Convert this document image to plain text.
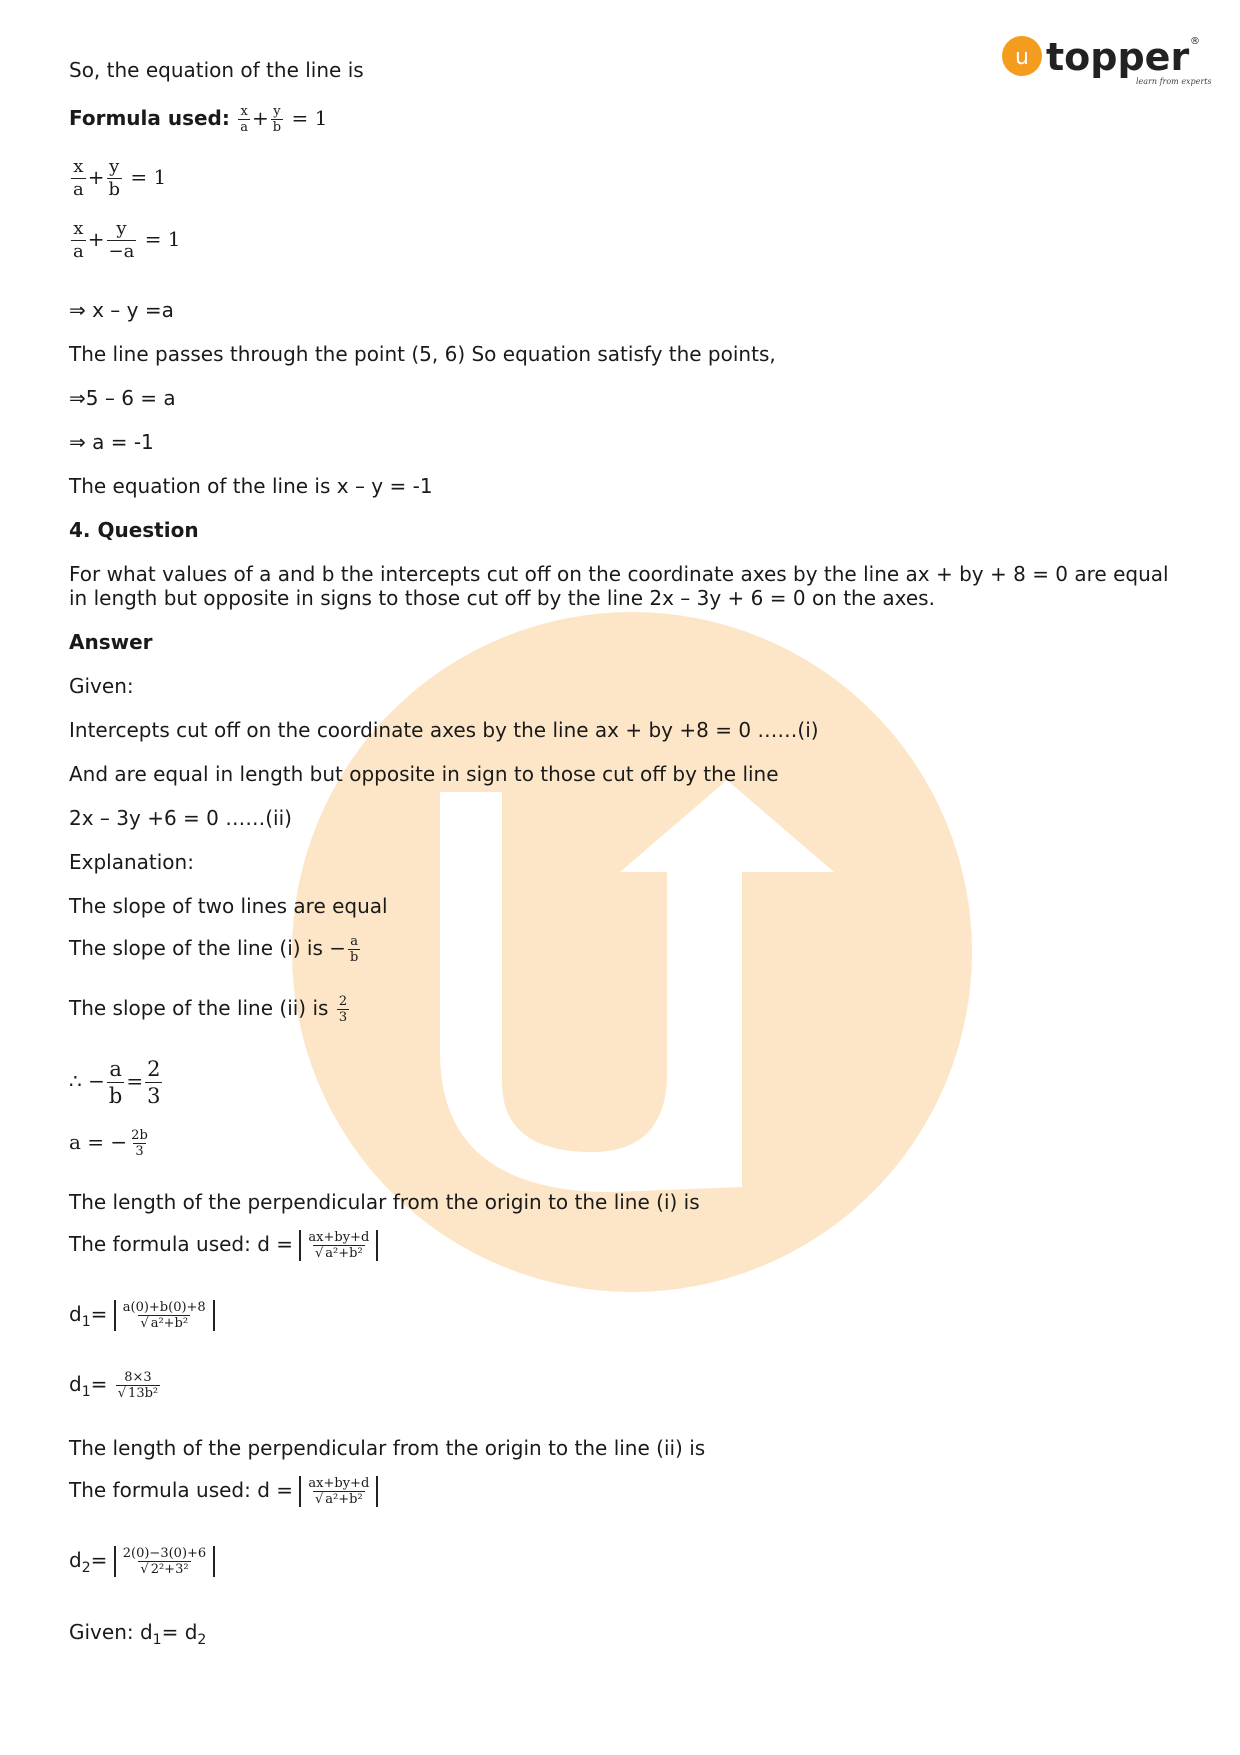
u topper ®
learn from experts
So, the equation of the line is
Formula used: $\frac{x}{a} + \frac{y}{b} = 1$
$\frac{x}{a} + \frac{y}{b} = 1$
$\frac{x}{a} + \frac{y}{-a} = 1$
⇒ x – y =a
The line passes through the point (5, 6) So equation satisfy the points,
⇒5 – 6 = a
⇒ a = -1
The equation of the line is x – y = -1
4. Question
For what values of a and b the intercepts cut off on the coordinate axes by the line ax + by + 8 = 0 are equal in length but opposite in signs to those cut off by the line 2x – 3y + 6 = 0 on the axes.
Answer
Given:
Intercepts cut off on the coordinate axes by the line ax + by +8 = 0 ……(i)
And are equal in length but opposite in sign to those cut off by the line
2x – 3y +6 = 0 ……(ii)
Explanation:
The slope of two lines are equal
The slope of the line (i) is − $\frac{a}{b}$
The slope of the line (ii) is $\frac{2}{3}$
∴ − $\frac{a}{b} = \frac{2}{3}$
a = − $\frac{2b}{3}$
The length of the perpendicular from the origin to the line (i) is
The formula used: $d = \frac{ax+by+d}{\text{√ a²+b²}}$
$d_1= \frac{a(0)+b(0)+8}{\text{√ a²+b²}}$
$d_1= \frac{8\times 3}{\text{√ 13b²}}$
The length of the perpendicular from the origin to the line (ii) is
The formula used: $d = \frac{ax+by+d}{\text{√ a²+b²}}$
$d_2= \frac{2(0)-3(0)+6}{\text{√ 2²+3²}}$
Given: $d_1= d_2$
